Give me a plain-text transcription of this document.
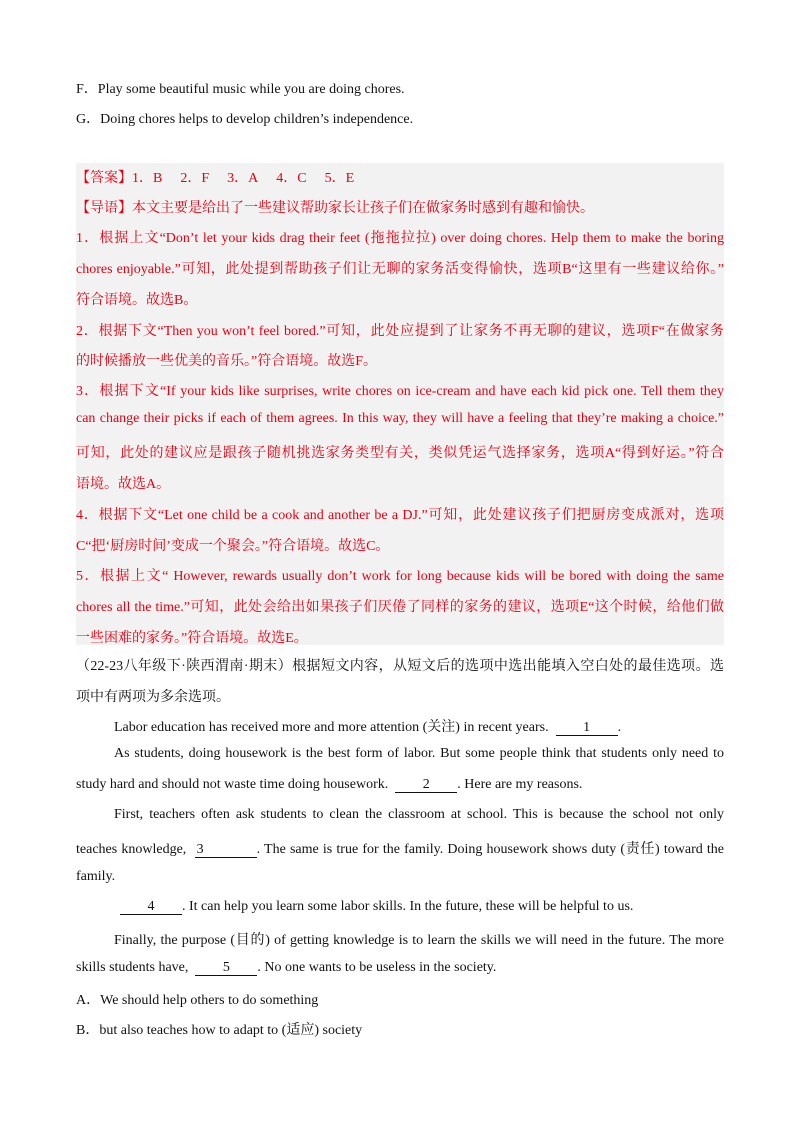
F．Play some beautiful music while you are doing chores.
G．Doing chores helps to develop children’s independence.
【答案】1．B 2．F 3．A 4．C 5．E
【导语】本文主要是给出了一些建议帮助家长让孩子们在做家务时感到有趣和愉快。
1．根据上文“Don’t let your kids drag their feet (拖拖拉拉) over doing chores. Help them to make the boring
chores enjoyable.”可知，此处提到帮助孩子们让无聊的家务活变得愉快，选项B“这里有一些建议给你。”
符合语境。故选B。
2．根据下文“Then you won’t feel bored.”可知，此处应提到了让家务不再无聊的建议，选项F“在做家务
的时候播放一些优美的音乐。”符合语境。故选F。
3．根据下文“If your kids like surprises, write chores on ice-cream and have each kid pick one. Tell them they
can change their picks if each of them agrees. In this way, they will have a feeling that they’re making a choice.”
可知，此处的建议应是跟孩子随机挑选家务类型有关，类似凭运气选择家务，选项A“得到好运。”符合
语境。故选A。
4．根据下文“Let one child be a cook and another be a DJ.”可知，此处建议孩子们把厨房变成派对，选项
C“把‘厨房时间’变成一个聚会。”符合语境。故选C。
5．根据上文“ However, rewards usually don’t work for long because kids will be bored with doing the same
chores all the time.”可知，此处会给出如果孩子们厌倦了同样的家务的建议，选项E“这个时候，给他们做
一些困难的家务。”符合语境。故选E。
（22-23八年级下·陕西渭南·期末）根据短文内容，从短文后的选项中选出能填入空白处的最佳选项。选
项中有两项为多余选项。
Labor education has received more and more attention (关注) in recent years. 1 .
As students, doing housework is the best form of labor. But some people think that students only need to
study hard and should not waste time doing housework. 2 . Here are my reasons.
First, teachers often ask students to clean the classroom at school. This is because the school not only
teaches knowledge, 3	. The same is true for the family. Doing housework shows duty (责任) toward the
family.
4 . It can help you learn some labor skills. In the future, these will be helpful to us.
Finally, the purpose (目的) of getting knowledge is to learn the skills we will need in the future. The more
skills students have, 5 . No one wants to be useless in the society.
A．We should help others to do something
B．but also teaches how to adapt to (适应) society
